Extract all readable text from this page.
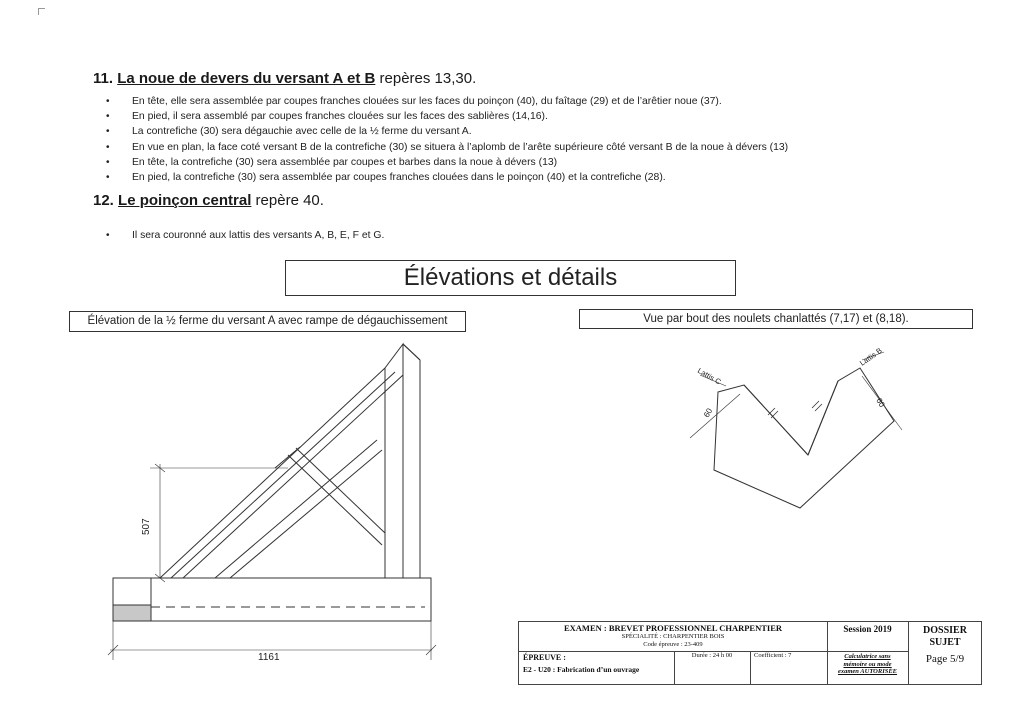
11. La noue de devers du versant A et B repères 13,30.
• En tête, elle sera assemblée par coupes franches clouées sur les faces du poinçon (40), du faîtage (29) et de l’arêtier noue (37).
• En pied, il sera assemblé par coupes franches clouées sur les faces des sablières (14,16).
• La contrefiche (30) sera dégauchie avec celle de la ½ ferme du versant A.
• En vue en plan, la face coté versant B de la contrefiche (30) se situera à l’aplomb de l’arête supérieure côté versant B de la noue à dévers (13)
• En tête, la contrefiche (30) sera assemblée par coupes et barbes dans la noue à dévers (13)
• En pied, la contrefiche (30) sera assemblée par coupes franches clouées dans le poinçon (40) et la contrefiche (28).
12. Le poinçon central repère 40.
• Il sera couronné aux lattis des versants A, B, E, F et G.
Élévations et détails
Élévation de la ½ ferme du versant A avec rampe de dégauchissement	Vue par bout des noulets chanlattés (7,17) et (8,18).
507
1161
Lattis C
Lattis B
60
60
EXAMEN : BREVET PROFESSIONNEL CHARPENTIER
SPÉCIALITÉ : CHARPENTIER BOIS
Code épreuve : 23-409
Session 2019	DOSSIER
SUJET
ÉPREUVE :
E2 - U20 : Fabrication d’un ouvrage
Durée : 24 h 00	Coefficient : 7	Calculatrice sans
mémoire ou mode
examen AUTORISÉE
Page 5/9
